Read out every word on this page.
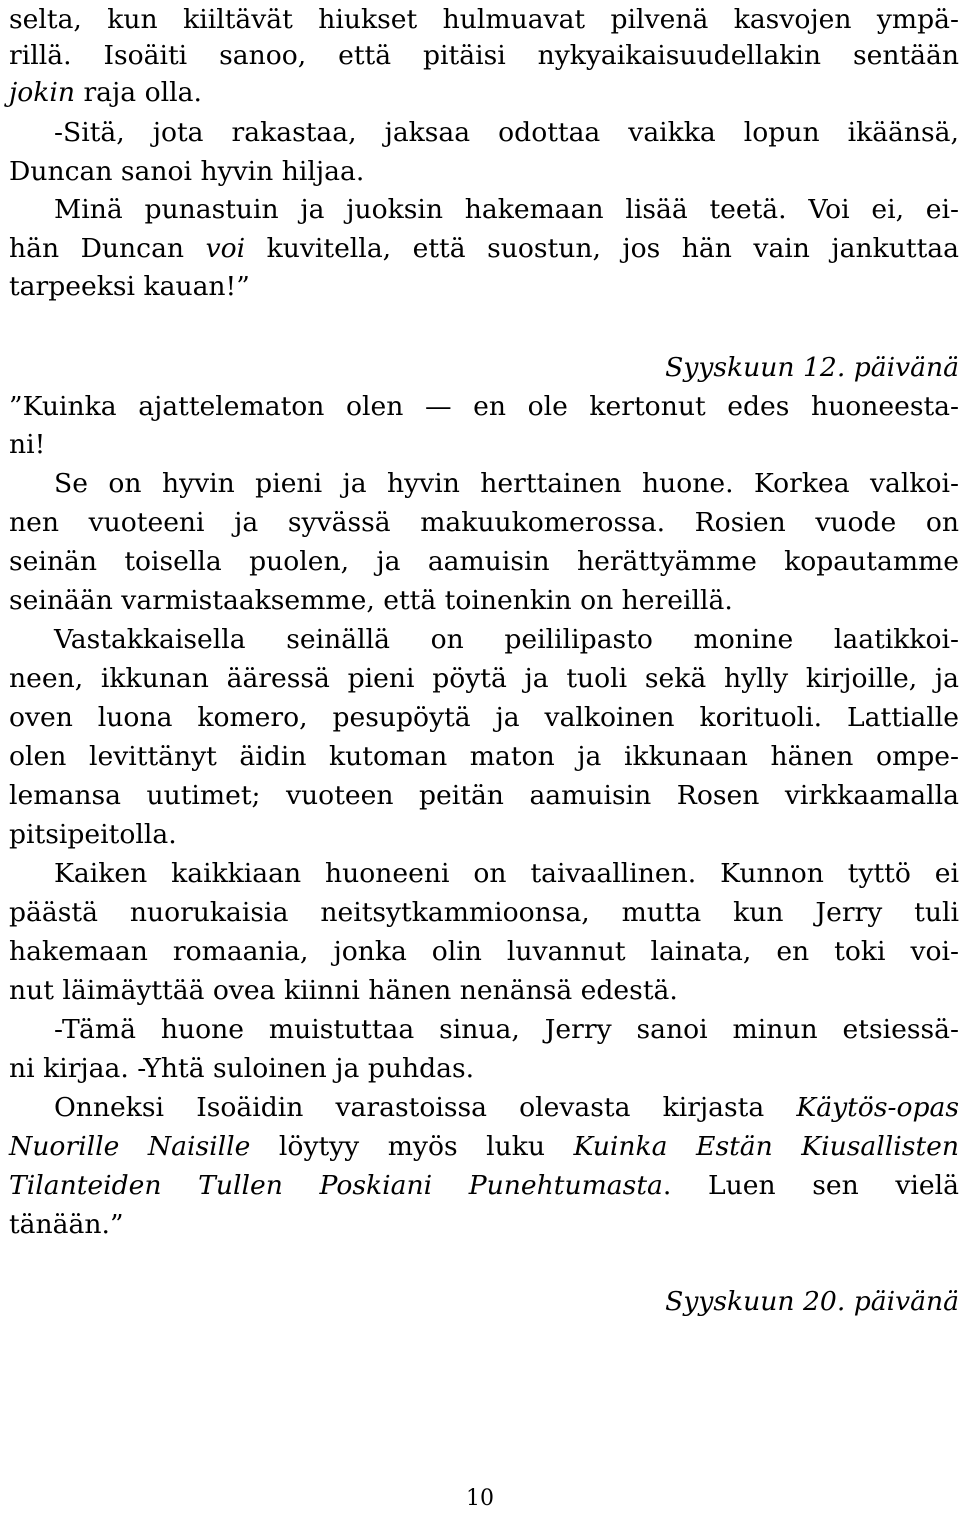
selta, kun kiiltävät hiukset hulmuavat pilvenä kasvojen ympä-
rillä. Isoäiti sanoo, että pitäisi nykyaikaisuudellakin sentään
jokin raja olla.
-Sitä, jota rakastaa, jaksaa odottaa vaikka lopun ikäänsä,
Duncan sanoi hyvin hiljaa.
Minä punastuin ja juoksin hakemaan lisää teetä. Voi ei, ei-
hän Duncan voi kuvitella, että suostun, jos hän vain jankuttaa
tarpeeksi kauan!”
Syyskuun 12. päivänä
”Kuinka ajattelematon olen — en ole kertonut edes huoneesta-
ni!
Se on hyvin pieni ja hyvin herttainen huone. Korkea valkoi-
nen vuoteeni ja syvässä makuukomerossa. Rosien vuode on
seinän toisella puolen, ja aamuisin herättyämme kopautamme
seinään varmistaaksemme, että toinenkin on hereillä.
Vastakkaisella seinällä on peililipasto monine laatikkoi-
neen, ikkunan ääressä pieni pöytä ja tuoli sekä hylly kirjoille, ja
oven luona komero, pesupöytä ja valkoinen korituoli. Lattialle
olen levittänyt äidin kutoman maton ja ikkunaan hänen ompe-
lemansa uutimet; vuoteen peitän aamuisin Rosen virkkaamalla
pitsipeitolla.
Kaiken kaikkiaan huoneeni on taivaallinen. Kunnon tyttö ei
päästä nuorukaisia neitsytkammioonsa, mutta kun Jerry tuli
hakemaan romaania, jonka olin luvannut lainata, en toki voi-
nut läimäyttää ovea kiinni hänen nenänsä edestä.
-Tämä huone muistuttaa sinua, Jerry sanoi minun etsiessä-
ni kirjaa. -Yhtä suloinen ja puhdas.
Onneksi Isoäidin varastoissa olevasta kirjasta Käytös-opas
Nuorille Naisille löytyy myös luku Kuinka Estän Kiusallisten
Tilanteiden Tullen Poskiani Punehtumasta. Luen sen vielä
tänään.”
Syyskuun 20. päivänä
10
